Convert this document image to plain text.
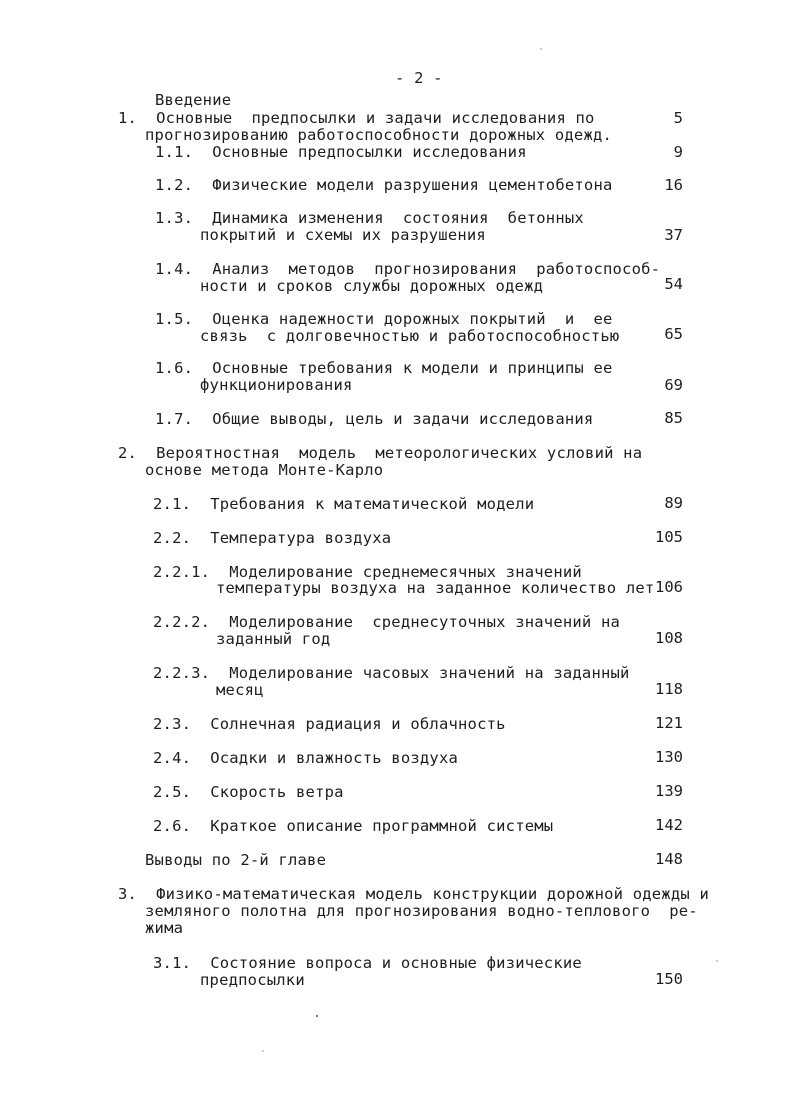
- 2 -
Введение
1.  Основные  предпосылки и задачи исследования по	5
прогнозированию работоспособности дорожных одежд.
1.1.  Основные предпосылки исследования	9
1.2.  Физические модели разрушения цементобетона	16
1.3.  Динамика изменения  состояния  бетонных
покрытий и схемы их разрушения	37
1.4.  Анализ  методов  прогнозирования  работоспособ-
ности и сроков службы дорожных одежд	54
1.5.  Оценка надежности дорожных покрытий  и  ее
связь  с долговечностью и работоспособностью	65
1.6.  Основные требования к модели и принципы ее
функционирования	69
1.7.  Общие выводы, цель и задачи исследования	85
2.  Вероятностная  модель  метеорологических условий на
основе метода Монте-Карло
2.1.  Требования к математической модели	89
2.2.  Температура воздуха	105
2.2.1.  Моделирование среднемесячных значений
температуры воздуха на заданное количество лет 106
2.2.2.  Моделирование  среднесуточных значений на
заданный год	108
2.2.3.  Моделирование часовых значений на заданный
месяц	118
2.3.  Солнечная радиация и облачность	121
2.4.  Осадки и влажность воздуха	130
2.5.  Скорость ветра	139
2.6.  Краткое описание программной системы	142
Выводы по 2-й главе	148
3.  Физико-математическая модель конструкции дорожной одежды и
земляного полотна для прогнозирования водно-теплового  ре-
жима
3.1.  Состояние вопроса и основные физические
предпосылки	150
